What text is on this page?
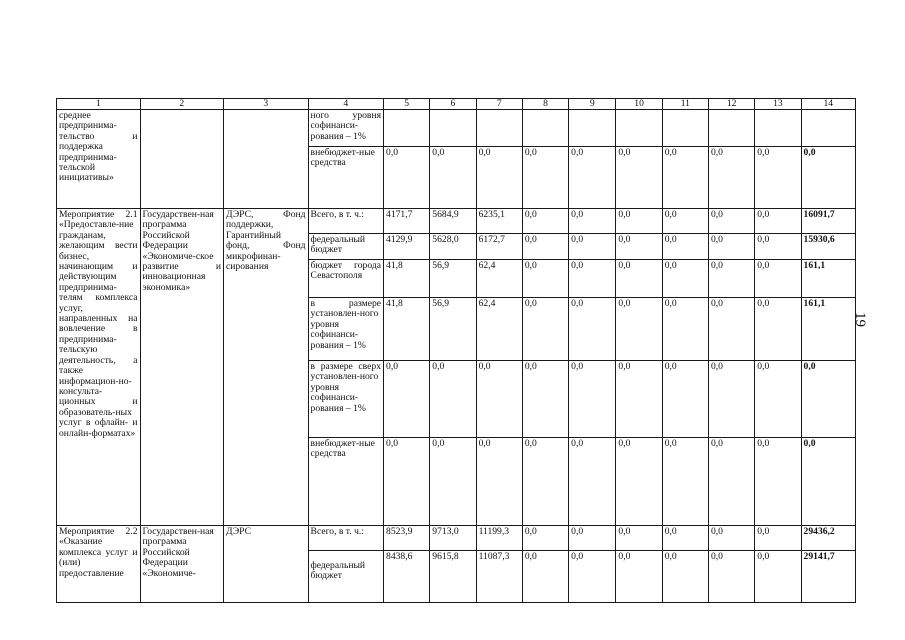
1	2	3	4	5	6	7	8	9	10	11	12	13	14
среднее предпринима-тельство и поддержка предпринима-тельской инициативы»			ного уровня софинанси-рования – 1%										
			внебюджет-ные средства	0,0	0,0	0,0	0,0	0,0	0,0	0,0	0,0	0,0	0,0
Мероприятие 2.1 «Предоставле-ние гражданам, желающим вести бизнес, начинающим и действующим предпринима-телям комплекса услуг, направленных на вовлечение в предпринима-тельскую деятельность, а также информацион-но-консульта-ционных и образователь-ных услуг в офлайн- и онлайн-форматах»	Государствен-ная программа Российской Федерации «Экономиче-ское развитие и инновационная экономика»	ДЭРС, Фонд поддержки, Гарантийный фонд, Фонд микрофинан-сирования	Всего, в т. ч.:	4171,7	5684,9	6235,1	0,0	0,0	0,0	0,0	0,0	0,0	16091,7
			федеральный бюджет	4129,9	5628,0	6172,7	0,0	0,0	0,0	0,0	0,0	0,0	15930,6
			бюджет города Севастополя	41,8	56,9	62,4	0,0	0,0	0,0	0,0	0,0	0,0	161,1
			в размере установлен-ного уровня софинанси-рования – 1%	41,8	56,9	62,4	0,0	0,0	0,0	0,0	0,0	0,0	161,1
			в размере сверх установлен-ного уровня софинанси-рования – 1%	0,0	0,0	0,0	0,0	0,0	0,0	0,0	0,0	0,0	0,0
			внебюджет-ные средства	0,0	0,0	0,0	0,0	0,0	0,0	0,0	0,0	0,0	0,0
Мероприятие 2.2 «Оказание комплекса услуг и (или) предоставление	Государствен-ная программа Российской Федерации «Экономиче-	ДЭРС	Всего, в т. ч.:	8523,9	9713,0	11199,3	0,0	0,0	0,0	0,0	0,0	0,0	29436,2
			федеральный бюджет	8438,6	9615,8	11087,3	0,0	0,0	0,0	0,0	0,0	0,0	29141,7
19
